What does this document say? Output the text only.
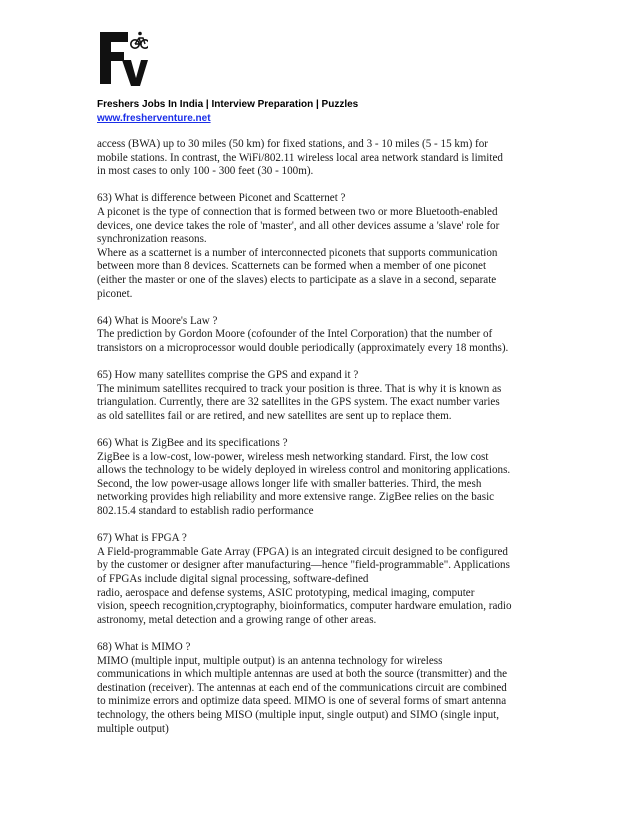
Freshers Jobs In India | Interview Preparation | Puzzles
www.fresherventure.net

access (BWA) up to 30 miles (50 km) for fixed stations, and 3 - 10 miles (5 - 15 km) for
mobile stations. In contrast, the WiFi/802.11 wireless local area network standard is limited
in most cases to only 100 - 300 feet (30 - 100m).

63) What is difference between Piconet and Scatternet ?
A piconet is the type of connection that is formed between two or more Bluetooth-enabled
devices, one device takes the role of 'master', and all other devices assume a 'slave' role for
synchronization reasons.
Where as a scatternet is a number of interconnected piconets that supports communication
between more than 8 devices. Scatternets can be formed when a member of one piconet
(either the master or one of the slaves) elects to participate as a slave in a second, separate
piconet.

64) What is Moore's Law ?
The prediction by Gordon Moore (cofounder of the Intel Corporation) that the number of
transistors on a microprocessor would double periodically (approximately every 18 months).

65) How many satellites comprise the GPS and expand it ?
The minimum satellites recquired to track your position is three. That is why it is known as
triangulation. Currently, there are 32 satellites in the GPS system. The exact number varies
as old satellites fail or are retired, and new satellites are sent up to replace them.

66) What is ZigBee and its specifications ?
ZigBee is a low-cost, low-power, wireless mesh networking standard. First, the low cost
allows the technology to be widely deployed in wireless control and monitoring applications.
Second, the low power-usage allows longer life with smaller batteries. Third, the mesh
networking provides high reliability and more extensive range. ZigBee relies on the basic
802.15.4 standard to establish radio performance

67) What is FPGA ?
A Field-programmable Gate Array (FPGA) is an integrated circuit designed to be configured
by the customer or designer after manufacturing—hence "field-programmable". Applications
of FPGAs include digital signal processing, software-defined
radio, aerospace and defense systems, ASIC prototyping, medical imaging, computer
vision, speech recognition,cryptography, bioinformatics, computer hardware emulation, radio
astronomy, metal detection and a growing range of other areas.

68) What is MIMO ?
MIMO (multiple input, multiple output) is an antenna technology for wireless
communications in which multiple antennas are used at both the source (transmitter) and the
destination (receiver). The antennas at each end of the communications circuit are combined
to minimize errors and optimize data speed. MIMO is one of several forms of smart antenna
technology, the others being MISO (multiple input, single output) and SIMO (single input,
multiple output)
